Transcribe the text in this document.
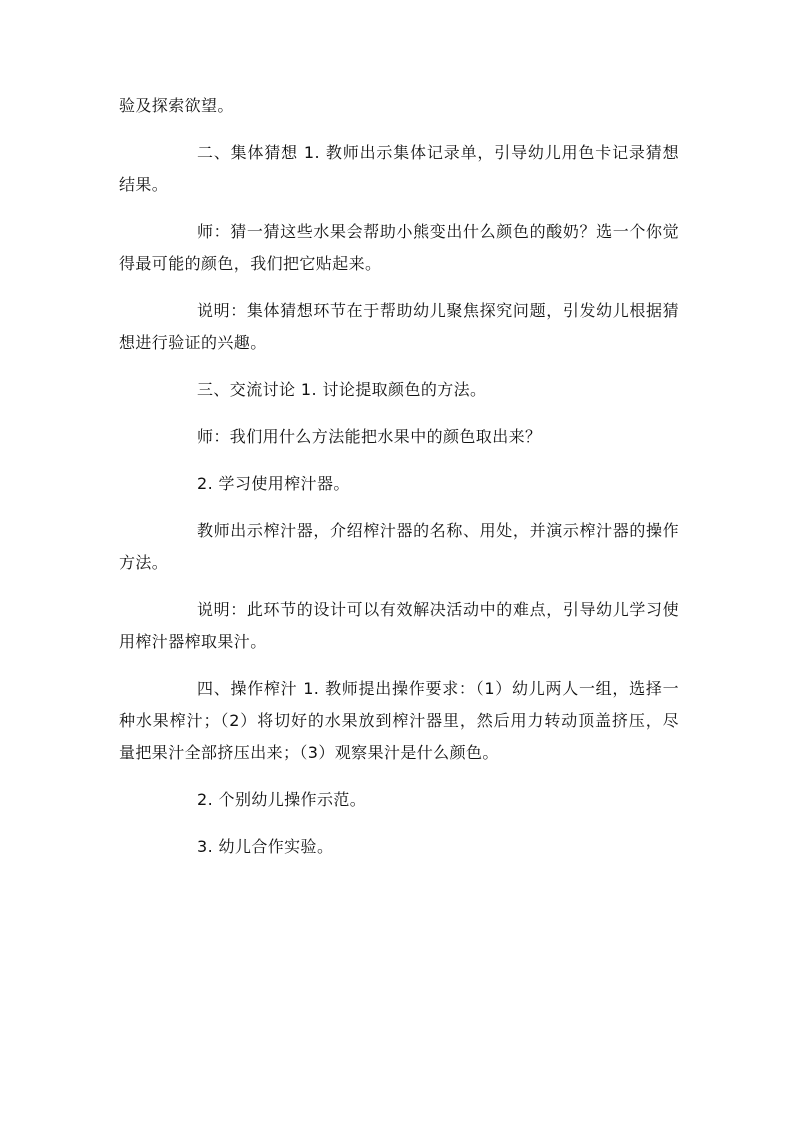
验及探索欲望。

二、集体猜想 1. 教师出示集体记录单，引导幼儿用色卡记录猜想结果。

师：猜一猜这些水果会帮助小熊变出什么颜色的酸奶？选一个你觉得最可能的颜色，我们把它贴起来。

说明：集体猜想环节在于帮助幼儿聚焦探究问题，引发幼儿根据猜想进行验证的兴趣。

三、交流讨论 1. 讨论提取颜色的方法。

师：我们用什么方法能把水果中的颜色取出来？

2. 学习使用榨汁器。

教师出示榨汁器，介绍榨汁器的名称、用处，并演示榨汁器的操作方法。

说明：此环节的设计可以有效解决活动中的难点，引导幼儿学习使用榨汁器榨取果汁。

四、操作榨汁 1. 教师提出操作要求：（1）幼儿两人一组，选择一种水果榨汁；（2）将切好的水果放到榨汁器里，然后用力转动顶盖挤压，尽量把果汁全部挤压出来；（3）观察果汁是什么颜色。

2. 个别幼儿操作示范。

3. 幼儿合作实验。
